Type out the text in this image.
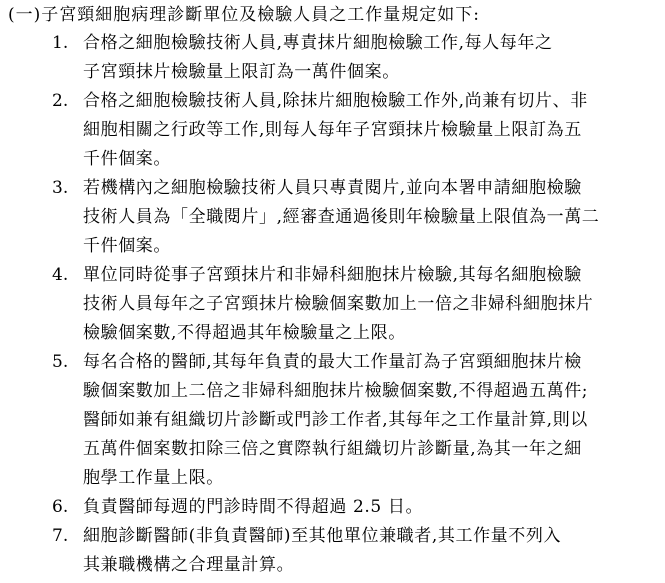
(一)子宮頸細胞病理診斷單位及檢驗人員之工作量規定如下:
1. 合格之細胞檢驗技術人員,專責抹片細胞檢驗工作,每人每年之
子宮頸抹片檢驗量上限訂為一萬件個案。
2. 合格之細胞檢驗技術人員,除抹片細胞檢驗工作外,尚兼有切片、非
細胞相關之行政等工作,則每人每年子宮頸抹片檢驗量上限訂為五
千件個案。
3. 若機構內之細胞檢驗技術人員只專責閱片,並向本署申請細胞檢驗
技術人員為「全職閱片」,經審查通過後則年檢驗量上限值為一萬二
千件個案。
4. 單位同時從事子宮頸抹片和非婦科細胞抹片檢驗,其每名細胞檢驗
技術人員每年之子宮頸抹片檢驗個案數加上一倍之非婦科細胞抹片
檢驗個案數,不得超過其年檢驗量之上限。
5. 每名合格的醫師,其每年負責的最大工作量訂為子宮頸細胞抹片檢
驗個案數加上二倍之非婦科細胞抹片檢驗個案數,不得超過五萬件;
醫師如兼有組織切片診斷或門診工作者,其每年之工作量計算,則以
五萬件個案數扣除三倍之實際執行組織切片診斷量,為其一年之細
胞學工作量上限。
6. 負責醫師每週的門診時間不得超過 2.5 日。
7. 細胞診斷醫師(非負責醫師)至其他單位兼職者,其工作量不列入
其兼職機構之合理量計算。
